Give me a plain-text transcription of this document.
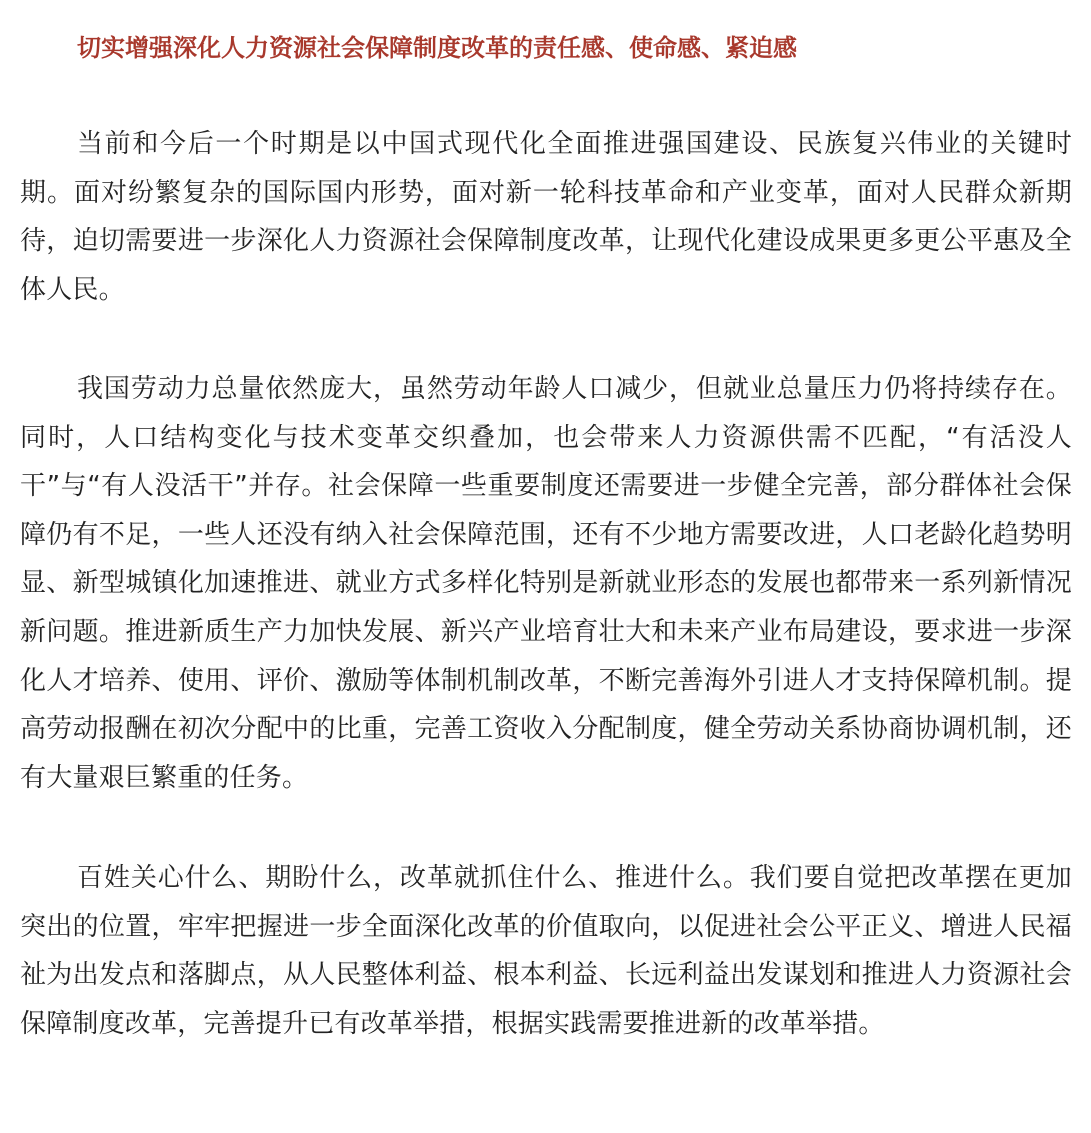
切实增强深化人力资源社会保障制度改革的责任感、使命感、紧迫感

当前和今后一个时期是以中国式现代化全面推进强国建设、民族复兴伟业的关键时期。面对纷繁复杂的国际国内形势，面对新一轮科技革命和产业变革，面对人民群众新期待，迫切需要进一步深化人力资源社会保障制度改革，让现代化建设成果更多更公平惠及全体人民。

我国劳动力总量依然庞大，虽然劳动年龄人口减少，但就业总量压力仍将持续存在。同时，人口结构变化与技术变革交织叠加，也会带来人力资源供需不匹配，“有活没人干”与“有人没活干”并存。社会保障一些重要制度还需要进一步健全完善，部分群体社会保障仍有不足，一些人还没有纳入社会保障范围，还有不少地方需要改进，人口老龄化趋势明显、新型城镇化加速推进、就业方式多样化特别是新就业形态的发展也都带来一系列新情况新问题。推进新质生产力加快发展、新兴产业培育壮大和未来产业布局建设，要求进一步深化人才培养、使用、评价、激励等体制机制改革，不断完善海外引进人才支持保障机制。提高劳动报酬在初次分配中的比重，完善工资收入分配制度，健全劳动关系协商协调机制，还有大量艰巨繁重的任务。

百姓关心什么、期盼什么，改革就抓住什么、推进什么。我们要自觉把改革摆在更加突出的位置，牢牢把握进一步全面深化改革的价值取向，以促进社会公平正义、增进人民福祉为出发点和落脚点，从人民整体利益、根本利益、长远利益出发谋划和推进人力资源社会保障制度改革，完善提升已有改革举措，根据实践需要推进新的改革举措。
